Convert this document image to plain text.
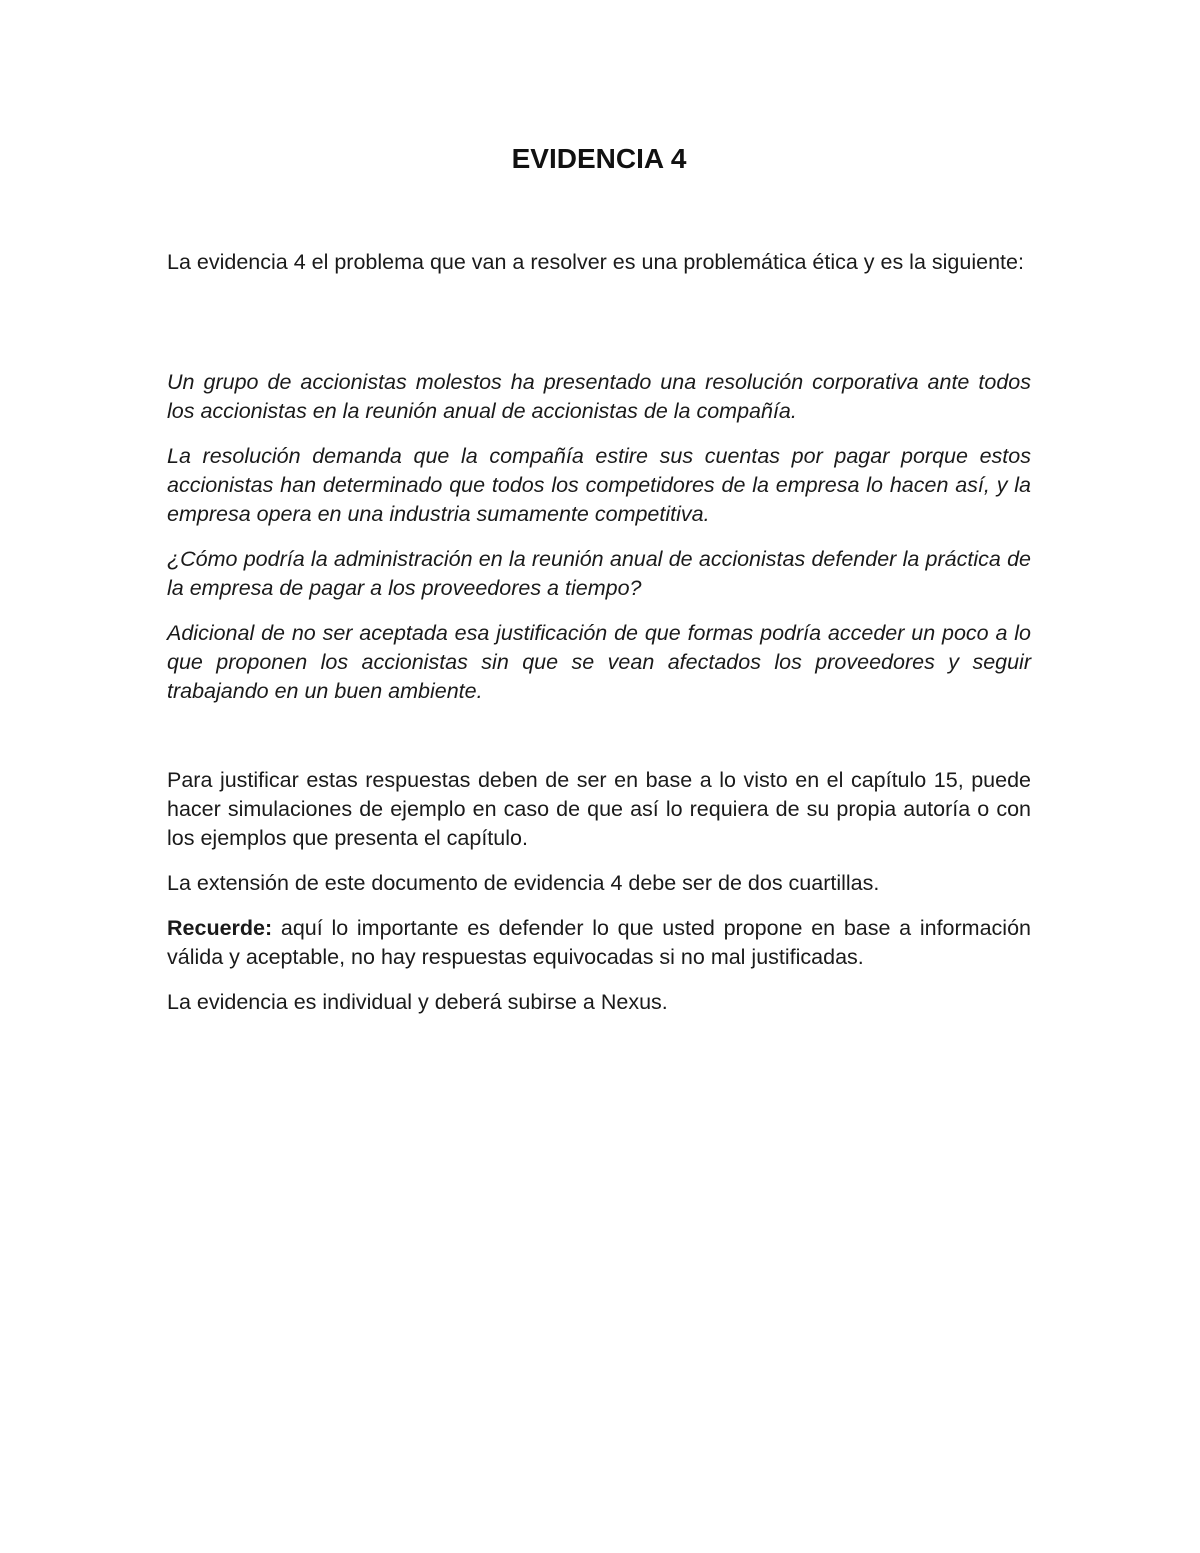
EVIDENCIA 4

La evidencia 4 el problema que van a resolver es una problemática ética y es la siguiente:

Un grupo de accionistas molestos ha presentado una resolución corporativa ante todos los accionistas en la reunión anual de accionistas de la compañía.

La resolución demanda que la compañía estire sus cuentas por pagar porque estos accionistas han determinado que todos los competidores de la empresa lo hacen así, y la empresa opera en una industria sumamente competitiva.

¿Cómo podría la administración en la reunión anual de accionistas defender la práctica de la empresa de pagar a los proveedores a tiempo?

Adicional de no ser aceptada esa justificación de que formas podría acceder un poco a lo que proponen los accionistas sin que se vean afectados los proveedores y seguir trabajando en un buen ambiente.

Para justificar estas respuestas deben de ser en base a lo visto en el capítulo 15, puede hacer simulaciones de ejemplo en caso de que así lo requiera de su propia autoría o con los ejemplos que presenta el capítulo.

La extensión de este documento de evidencia 4 debe ser de dos cuartillas.

Recuerde: aquí lo importante es defender lo que usted propone en base a información válida y aceptable, no hay respuestas equivocadas si no mal justificadas.

La evidencia es individual y deberá subirse a Nexus.
